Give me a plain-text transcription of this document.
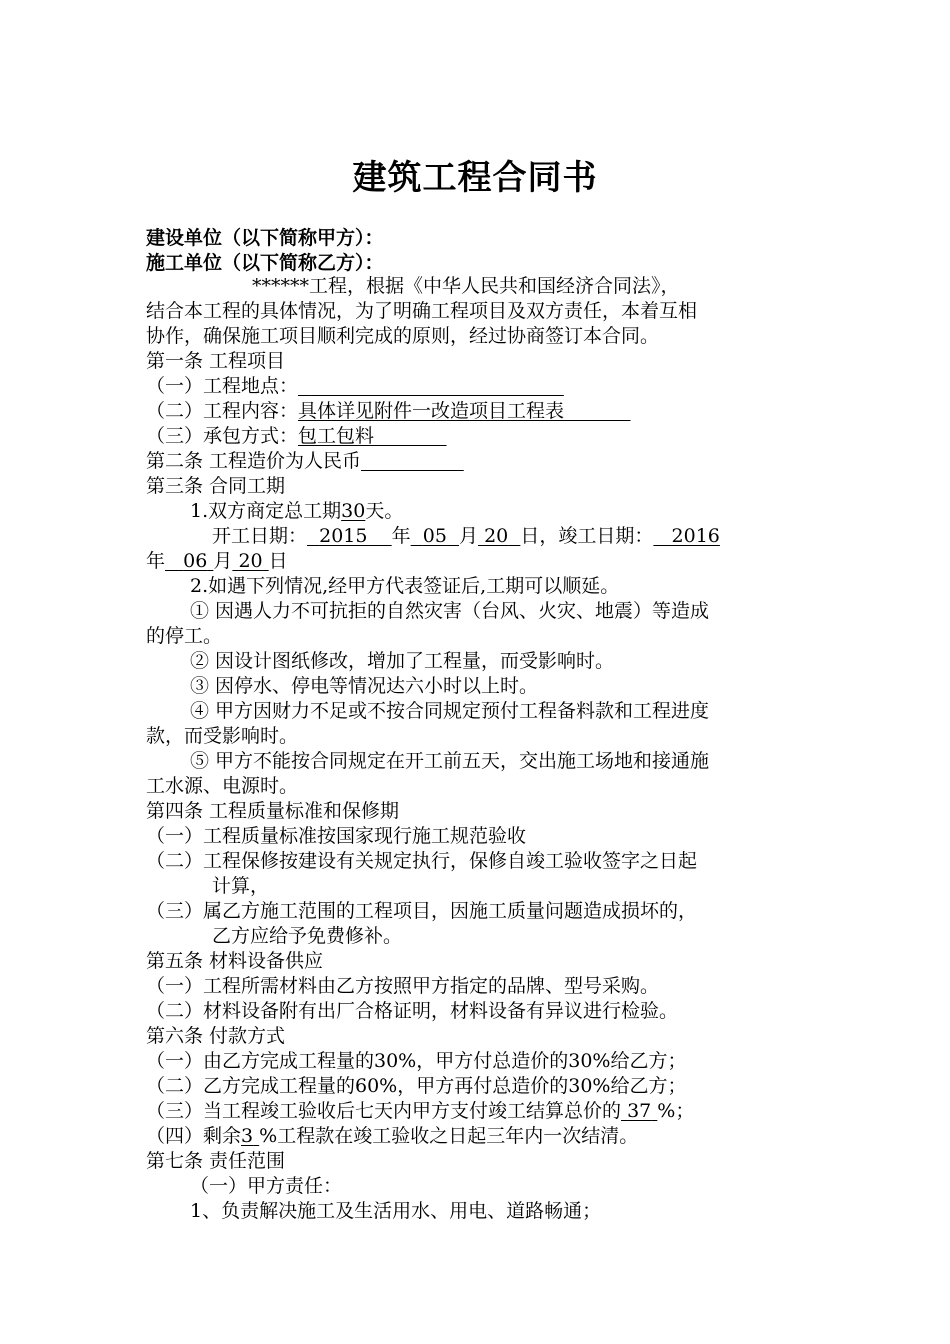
建筑工程合同书
建设单位（以下简称甲方）：
施工单位（以下简称乙方）：
******工程，根据《中华人民共和国经济合同法》，
结合本工程的具体情况，为了明确工程项目及双方责任，本着互相
协作，确保施工项目顺利完成的原则，经过协商签订本合同。
第一条 工程项目
（一）工程地点：
（二）工程内容：具体详见附件一改造项目工程表
（三）承包方式：包工包料
第二条 工程造价为人民币
第三条 合同工期
1.双方商定总工期30天。
开工日期： 2015 年 05 月 20 日，竣工日期： 2016
年 06 月 20 日
2.如遇下列情况,经甲方代表签证后,工期可以顺延。
① 因遇人力不可抗拒的自然灾害（台风、火灾、地震）等造成
的停工。
② 因设计图纸修改，增加了工程量，而受影响时。
③ 因停水、停电等情况达六小时以上时。
④ 甲方因财力不足或不按合同规定预付工程备料款和工程进度
款，而受影响时。
⑤ 甲方不能按合同规定在开工前五天，交出施工场地和接通施
工水源、电源时。
第四条 工程质量标准和保修期
（一）工程质量标准按国家现行施工规范验收
（二）工程保修按建设有关规定执行，保修自竣工验收签字之日起
计算，
（三）属乙方施工范围的工程项目，因施工质量问题造成损坏的，
乙方应给予免费修补。
第五条 材料设备供应
（一）工程所需材料由乙方按照甲方指定的品牌、型号采购。
（二）材料设备附有出厂合格证明，材料设备有异议进行检验。
第六条 付款方式
（一）由乙方完成工程量的30%，甲方付总造价的30%给乙方；
（二）乙方完成工程量的60%，甲方再付总造价的30%给乙方；
（三）当工程竣工验收后七天内甲方支付竣工结算总价的 37 %；
（四）剩余3 %工程款在竣工验收之日起三年内一次结清。
第七条 责任范围
（一）甲方责任：
1、负责解决施工及生活用水、用电、道路畅通；
